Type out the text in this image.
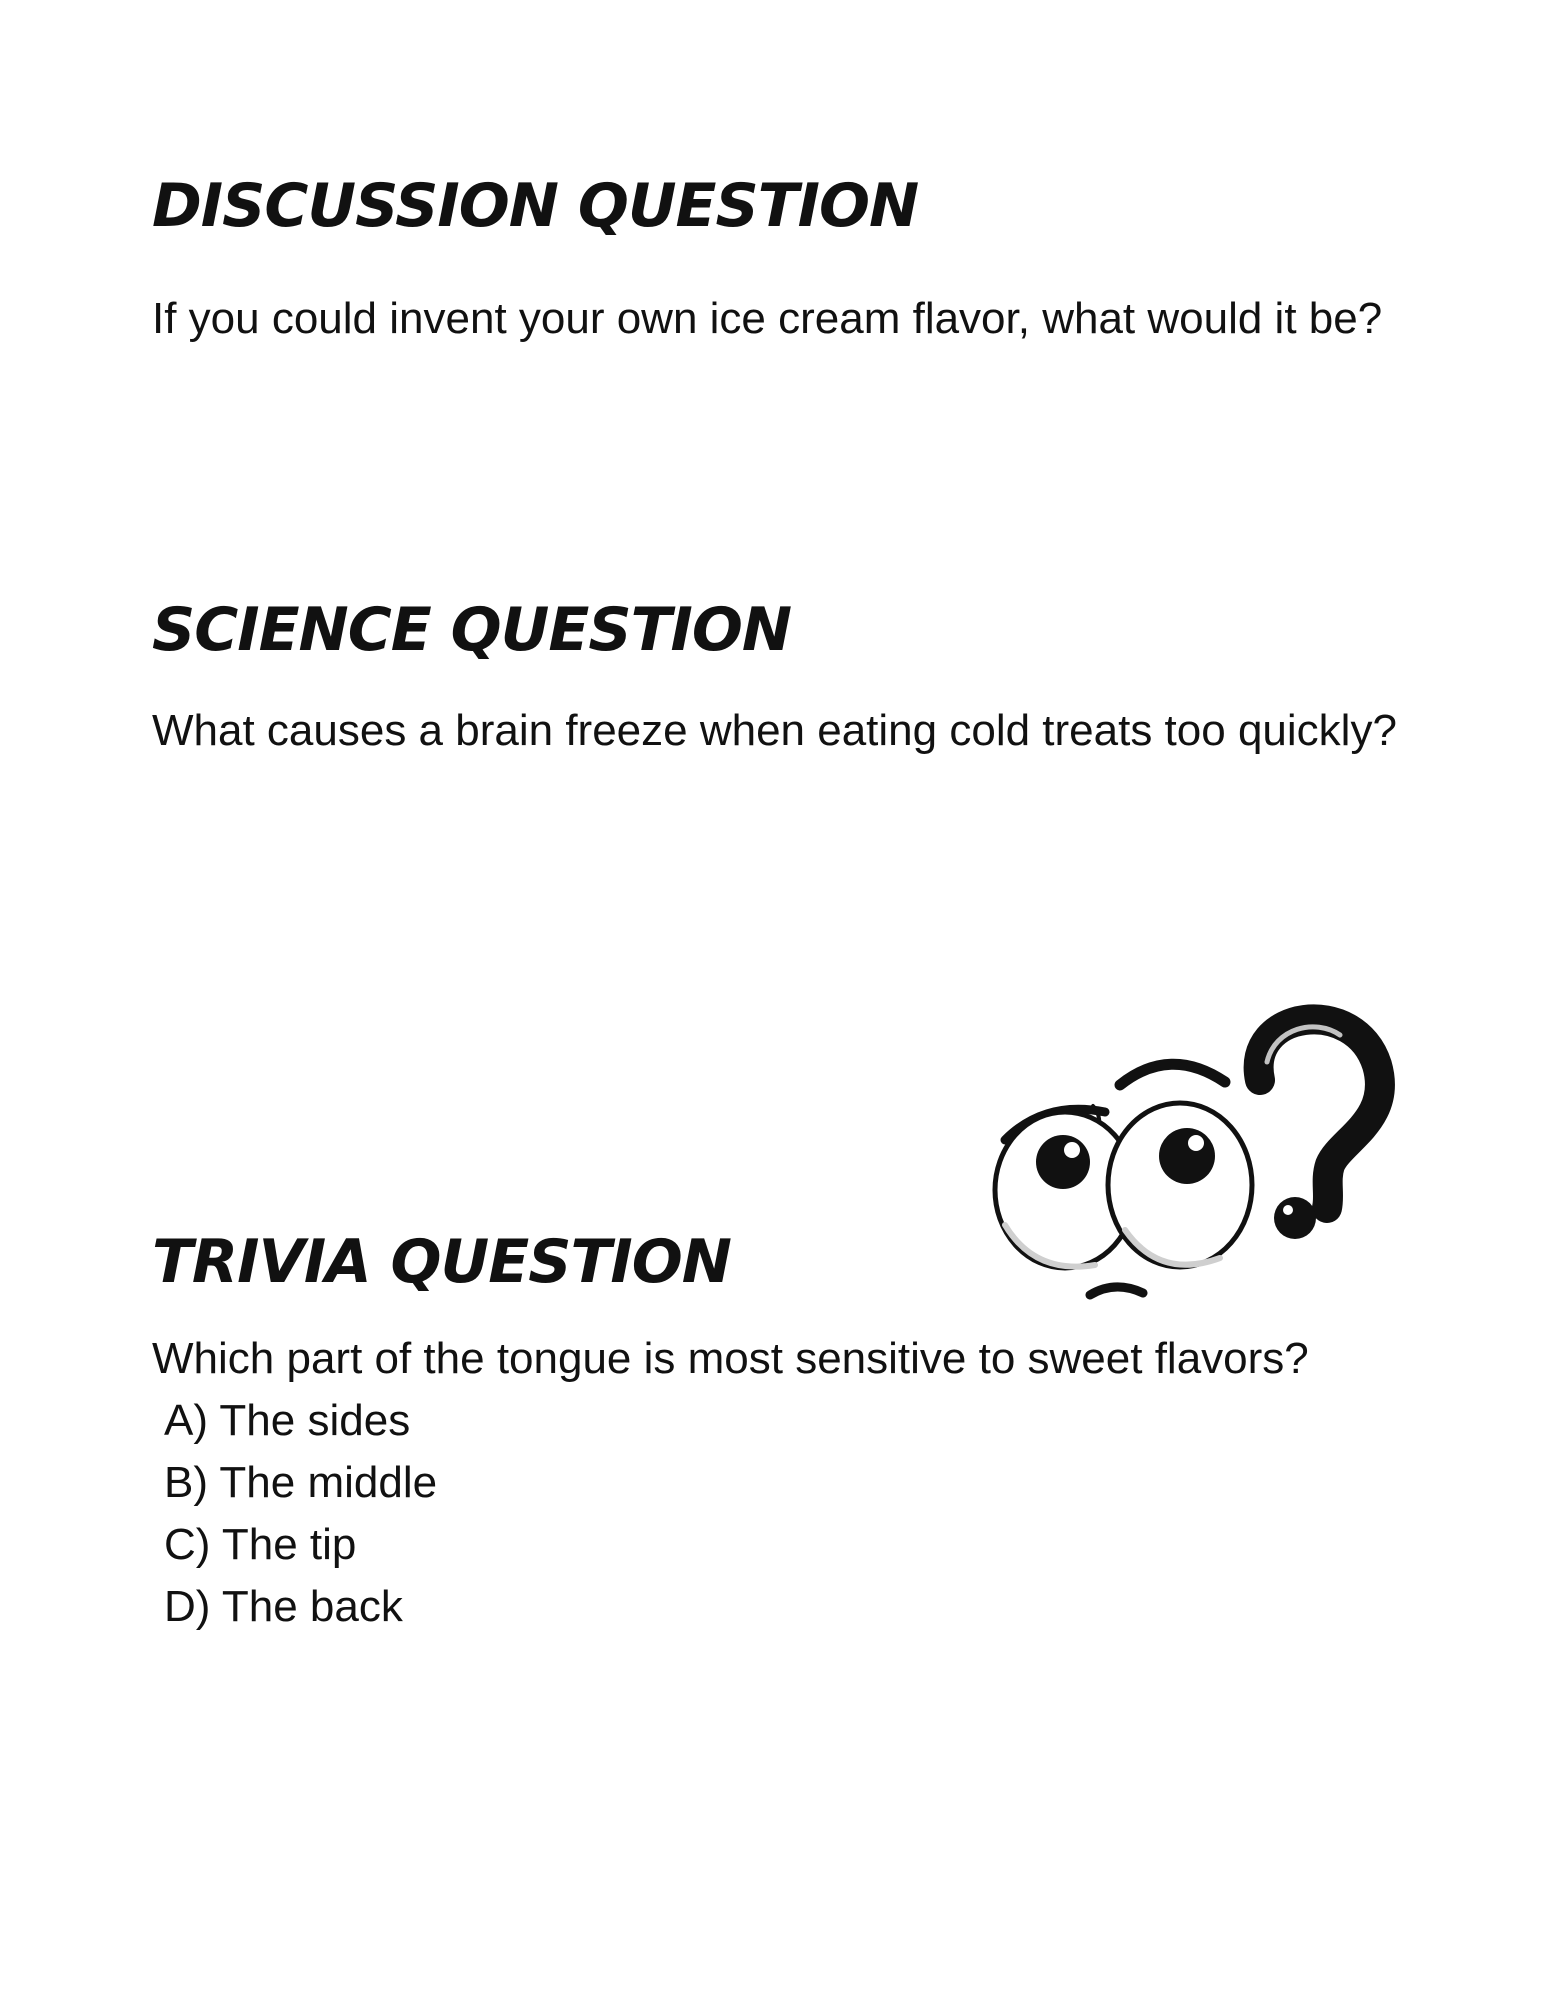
DISCUSSION QUESTION

If you could invent your own ice cream flavor, what would it be?

SCIENCE QUESTION

What causes a brain freeze when eating cold treats too quickly?

TRIVIA QUESTION

Which part of the tongue is most sensitive to sweet flavors?

A) The sides
B) The middle
C) The tip
D) The back
